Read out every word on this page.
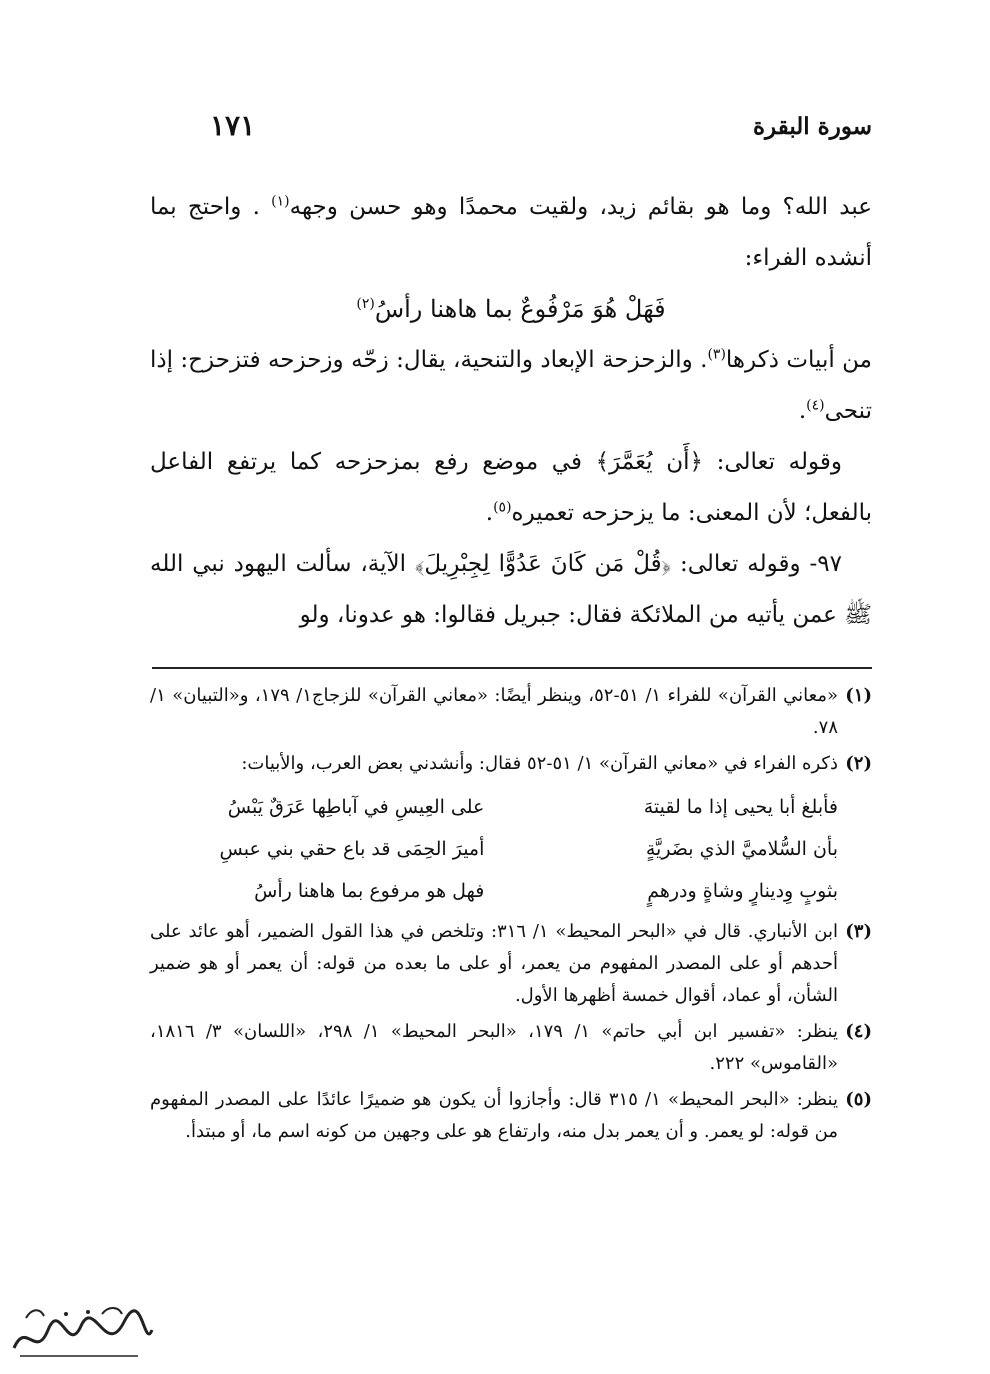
سورة البقرة
١٧١

عبد الله؟ وما هو بقائم زيد، ولقيت محمدًا وهو حسن وجهه$^{(١)}$ . واحتج بما أنشده الفراء:

فَهَلْ هُوَ مَرْفُوعٌ بما هاهنا رأسُ$^{(٢)}$

من أبيات ذكرها$^{(٣)}$. والزحزحة الإبعاد والتنحية، يقال: زحّه وزحزحه فتزحزح: إذا تنحى$^{(٤)}$.

وقوله تعالى: ﴿أَن يُعَمَّرَ﴾ في موضع رفع بمزحزحه كما يرتفع الفاعل بالفعل؛ لأن المعنى: ما يزحزحه تعميره$^{(٥)}$.

٩٧- وقوله تعالى: ﴿قُلْ مَن كَانَ عَدُوًّا لِجِبْرِيلَ﴾ الآية، سألت اليهود نبي الله ﷺ عمن يأتيه من الملائكة فقال: جبريل فقالوا: هو عدونا، ولو

(١)

«معاني القرآن» للفراء ١/ ٥١-٥٢، وينظر أيضًا: «معاني القرآن» للزجاج١/ ١٧٩، و«التبيان» ١/ ٧٨.

(٢)

ذكره الفراء في «معاني القرآن» ١/ ٥١-٥٢ فقال: وأنشدني بعض العرب، والأبيات:

فأبلغ أبا يحيى إذا ما لقيتهَ
على العِيسِ في آباطِها عَرَقٌ يَبْسُ
بأن السُّلاميَّ الذي بضَريَّةٍ
أميرَ الحِمَى قد باع حقي بني عبسِ
بثوبٍ وِدينارٍ وشاةٍ ودرهمٍ
فهل هو مرفوع بما هاهنا رأسُ
(٣)

ابن الأنباري. قال في «البحر المحيط» ١/ ٣١٦: وتلخص في هذا القول الضمير، أهو عائد على أحدهم أو على المصدر المفهوم من يعمر، أو على ما بعده من قوله: أن يعمر أو هو ضمير الشأن، أو عماد، أقوال خمسة أظهرها الأول.

(٤)

ينظر: «تفسير ابن أبي حاتم» ١/ ١٧٩، «البحر المحيط» ١/ ٢٩٨، «اللسان» ٣/ ١٨١٦، «القاموس» ٢٢٢.

(٥)

ينظر: «البحر المحيط» ١/ ٣١٥ قال: وأجازوا أن يكون هو ضميرًا عائدًا على المصدر المفهوم من قوله: لو يعمر. و أن يعمر بدل منه، وارتفاع هو على وجهين من كونه اسم ما، أو مبتدأ.
